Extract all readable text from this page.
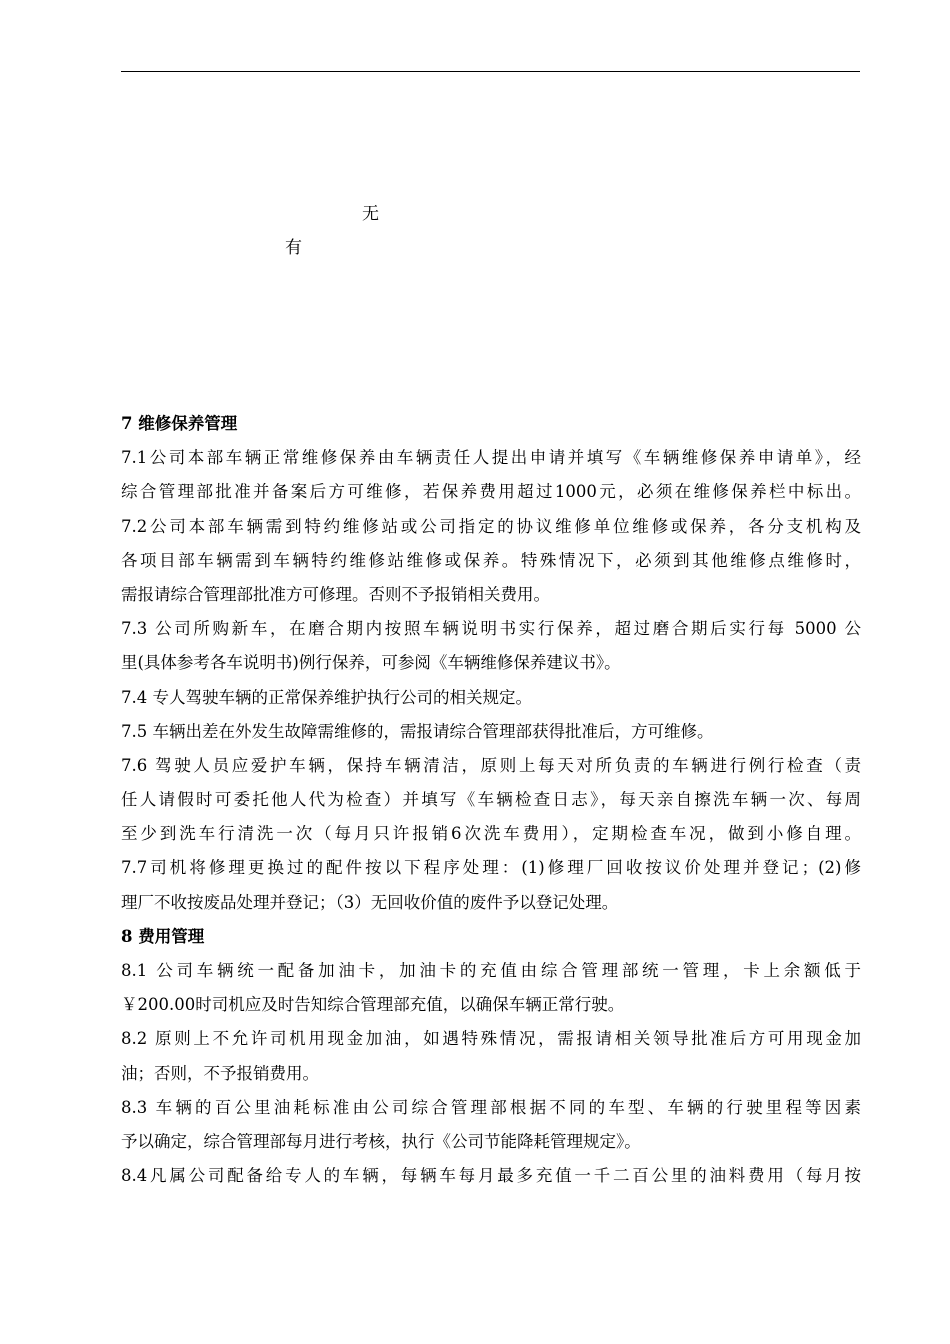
无
有
7 维修保养管理
7.1公司本部车辆正常维修保养由车辆责任人提出申请并填写《车辆维修保养申请单》，经
综合管理部批准并备案后方可维修，若保养费用超过1000元，必须在维修保养栏中标出。
7.2公司本部车辆需到特约维修站或公司指定的协议维修单位维修或保养，各分支机构及
各项目部车辆需到车辆特约维修站维修或保养。特殊情况下，必须到其他维修点维修时，
需报请综合管理部批准方可修理。否则不予报销相关费用。
7.3 公司所购新车，在磨合期内按照车辆说明书实行保养，超过磨合期后实行每 5000 公
里(具体参考各车说明书)例行保养，可参阅《车辆维修保养建议书》。
7.4 专人驾驶车辆的正常保养维护执行公司的相关规定。
7.5 车辆出差在外发生故障需维修的，需报请综合管理部获得批准后，方可维修。
7.6 驾驶人员应爱护车辆，保持车辆清洁，原则上每天对所负责的车辆进行例行检查（责
任人请假时可委托他人代为检查）并填写《车辆检查日志》，每天亲自擦洗车辆一次、每周
至少到洗车行清洗一次（每月只许报销6次洗车费用），定期检查车况，做到小修自理。
7.7司机将修理更换过的配件按以下程序处理：(1)修理厂回收按议价处理并登记；(2)修
理厂不收按废品处理并登记；（3）无回收价值的废件予以登记处理。
8 费用管理
8.1 公司车辆统一配备加油卡，加油卡的充值由综合管理部统一管理，卡上余额低于
￥200.00时司机应及时告知综合管理部充值，以确保车辆正常行驶。
8.2 原则上不允许司机用现金加油，如遇特殊情况，需报请相关领导批准后方可用现金加
油；否则，不予报销费用。
8.3 车辆的百公里油耗标准由公司综合管理部根据不同的车型、车辆的行驶里程等因素
予以确定，综合管理部每月进行考核，执行《公司节能降耗管理规定》。
8.4凡属公司配备给专人的车辆，每辆车每月最多充值一千二百公里的油料费用（每月按
